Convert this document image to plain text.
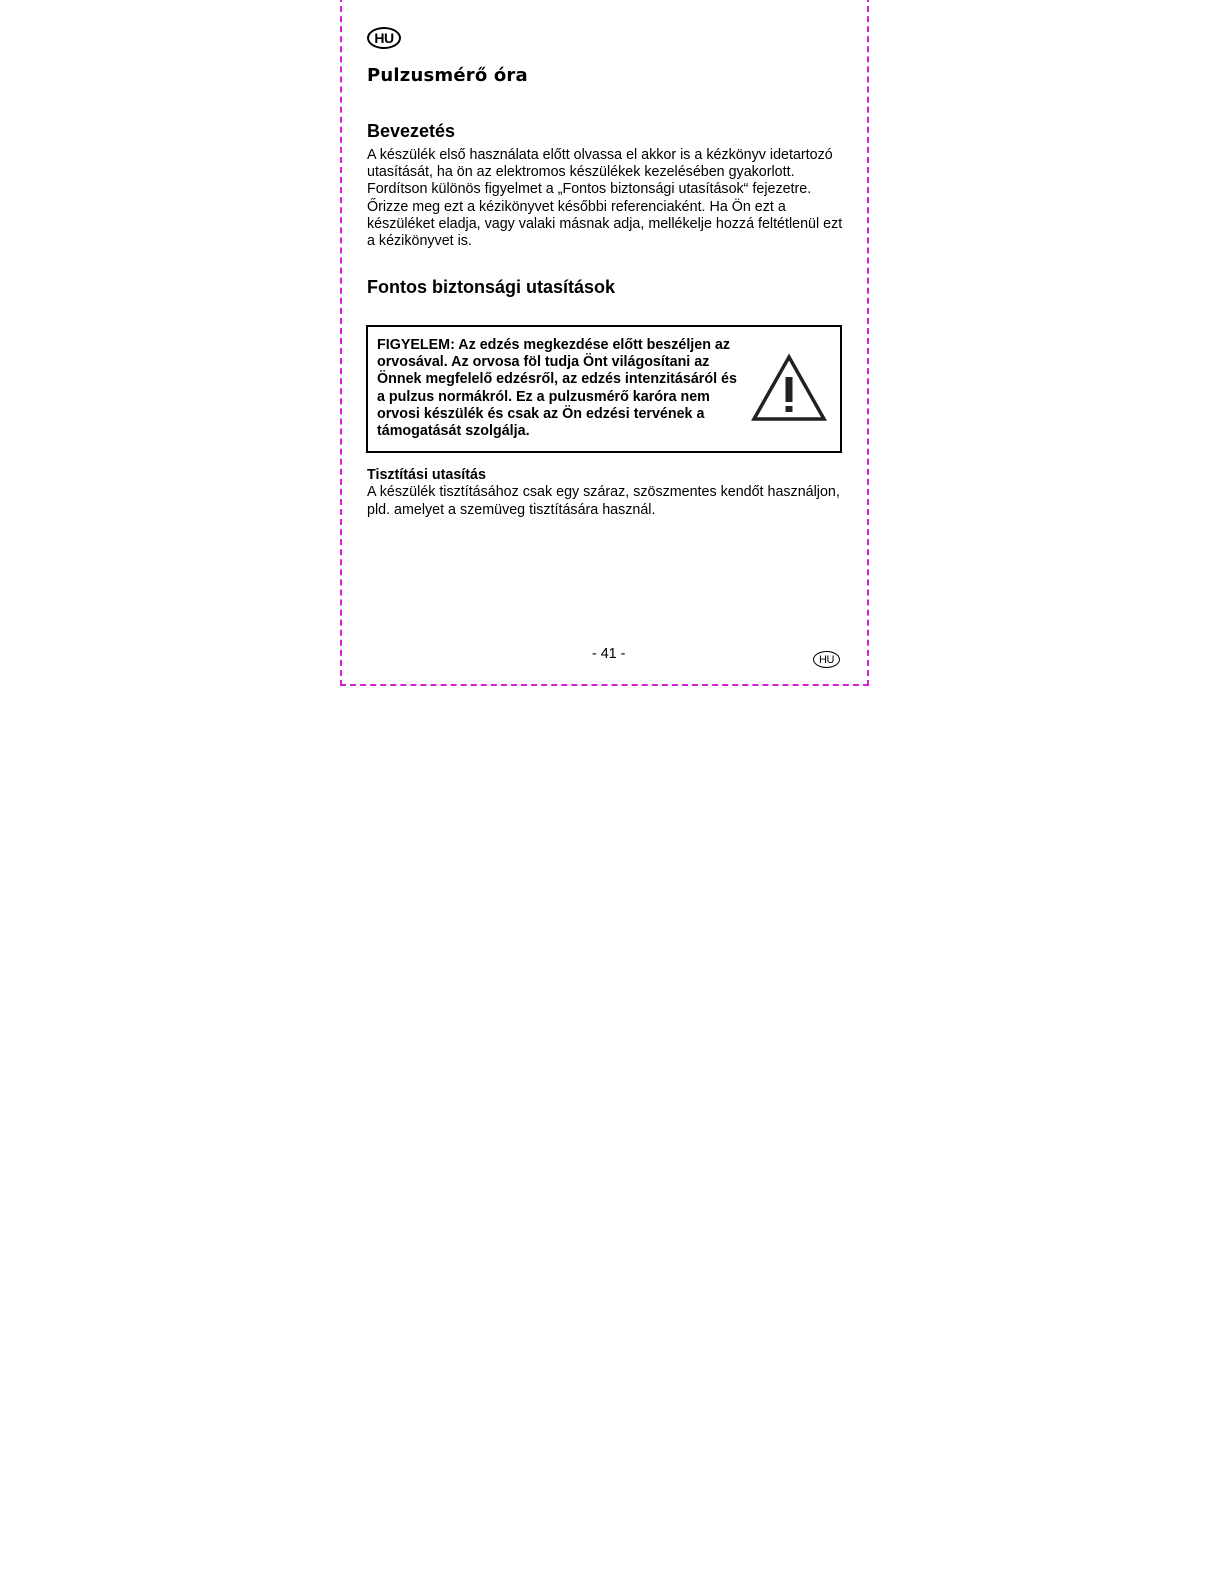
HU
Pulzusmérő óra
Bevezetés

A készülék első használata előtt olvassa el akkor is a kézkönyv idetartozó utasítását, ha ön az elektromos készülékek kezelésében gyakorlott. Fordítson különös figyelmet a „Fontos biztonsági utasítások“ fejezetre. Őrizze meg ezt a kézikönyvet későbbi referenciaként. Ha Ön ezt a készüléket eladja, vagy valaki másnak adja, mellékelje hozzá feltétlenül ezt a kézikönyvet is.

Fontos biztonsági utasítások

FIGYELEM: Az edzés megkezdése előtt beszéljen az orvosával. Az orvosa föl tudja Önt világosítani az Önnek megfelelő edzésről, az edzés intenzitásáról és a pulzus normákról. Ez a pulzusmérő karóra nem orvosi készülék és csak az Ön edzési tervének a támogatását szolgálja.

Tisztítási utasítás

A készülék tisztításához csak egy száraz, szöszmentes kendőt használjon, pld. amelyet a szemüveg tisztítására használ.

- 41 -	HU
